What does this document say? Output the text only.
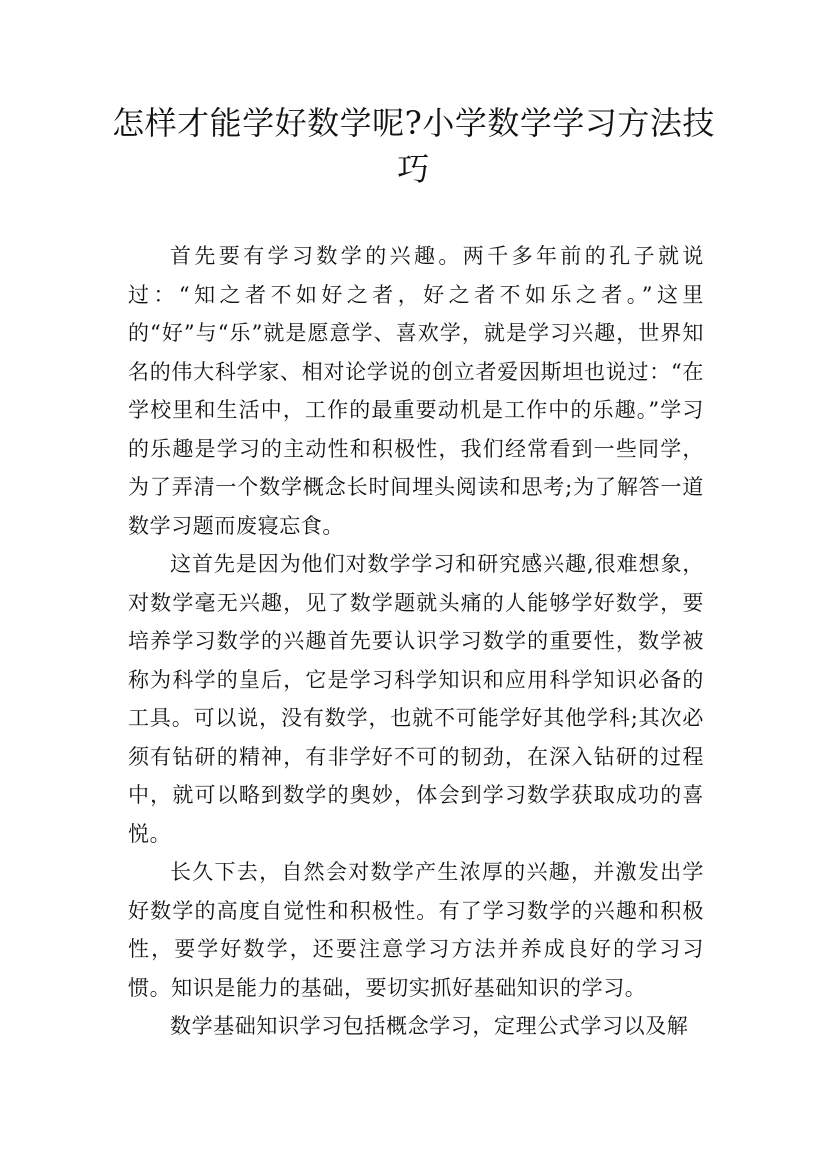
怎样才能学好数学呢?小学数学学习方法技巧

首先要有学习数学的兴趣。两千多年前的孔子就说过：“知之者不如好之者，好之者不如乐之者。”这里的“好”与“乐”就是愿意学、喜欢学，就是学习兴趣，世界知名的伟大科学家、相对论学说的创立者爱因斯坦也说过：“在学校里和生活中，工作的最重要动机是工作中的乐趣。”学习的乐趣是学习的主动性和积极性，我们经常看到一些同学，为了弄清一个数学概念长时间埋头阅读和思考;为了解答一道数学习题而废寝忘食。

这首先是因为他们对数学学习和研究感兴趣,很难想象，对数学毫无兴趣，见了数学题就头痛的人能够学好数学，要培养学习数学的兴趣首先要认识学习数学的重要性，数学被称为科学的皇后，它是学习科学知识和应用科学知识必备的工具。可以说，没有数学，也就不可能学好其他学科;其次必须有钻研的精神，有非学好不可的韧劲，在深入钻研的过程中，就可以略到数学的奥妙，体会到学习数学获取成功的喜悦。

长久下去，自然会对数学产生浓厚的兴趣，并激发出学好数学的高度自觉性和积极性。有了学习数学的兴趣和积极性，要学好数学，还要注意学习方法并养成良好的学习习惯。知识是能力的基础，要切实抓好基础知识的学习。

数学基础知识学习包括概念学习，定理公式学习以及解
